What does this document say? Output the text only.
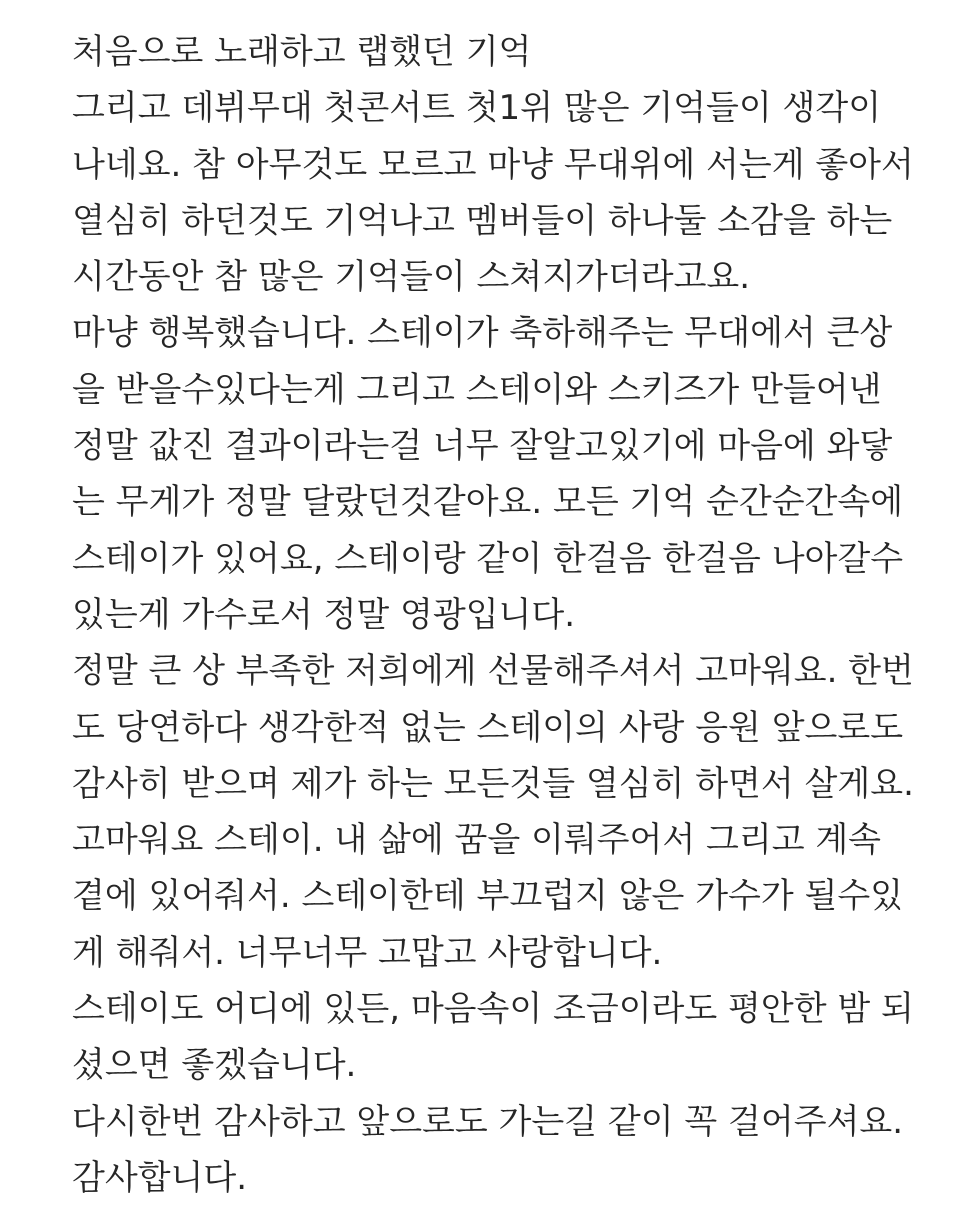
처음으로 노래하고 랩했던 기억
그리고 데뷔무대 첫콘서트 첫1위 많은 기억들이 생각이
나네요. 참 아무것도 모르고 마냥 무대위에 서는게 좋아서
열심히 하던것도 기억나고 멤버들이 하나둘 소감을 하는
시간동안 참 많은 기억들이 스쳐지가더라고요.
마냥 행복했습니다. 스테이가 축하해주는 무대에서 큰상
을 받을수있다는게 그리고 스테이와 스키즈가 만들어낸
정말 값진 결과이라는걸 너무 잘알고있기에 마음에 와닿
는 무게가 정말 달랐던것같아요. 모든 기억 순간순간속에
스테이가 있어요, 스테이랑 같이 한걸음 한걸음 나아갈수
있는게 가수로서 정말 영광입니다.
정말 큰 상 부족한 저희에게 선물해주셔서 고마워요. 한번
도 당연하다 생각한적 없는 스테이의 사랑 응원 앞으로도
감사히 받으며 제가 하는 모든것들 열심히 하면서 살게요.
고마워요 스테이. 내 삶에 꿈을 이뤄주어서 그리고 계속
곁에 있어줘서. 스테이한테 부끄럽지 않은 가수가 될수있
게 해줘서. 너무너무 고맙고 사랑합니다.
스테이도 어디에 있든, 마음속이 조금이라도 평안한 밤 되
셨으면 좋겠습니다.
다시한번 감사하고 앞으로도 가는길 같이 꼭 걸어주셔요.
감사합니다.
